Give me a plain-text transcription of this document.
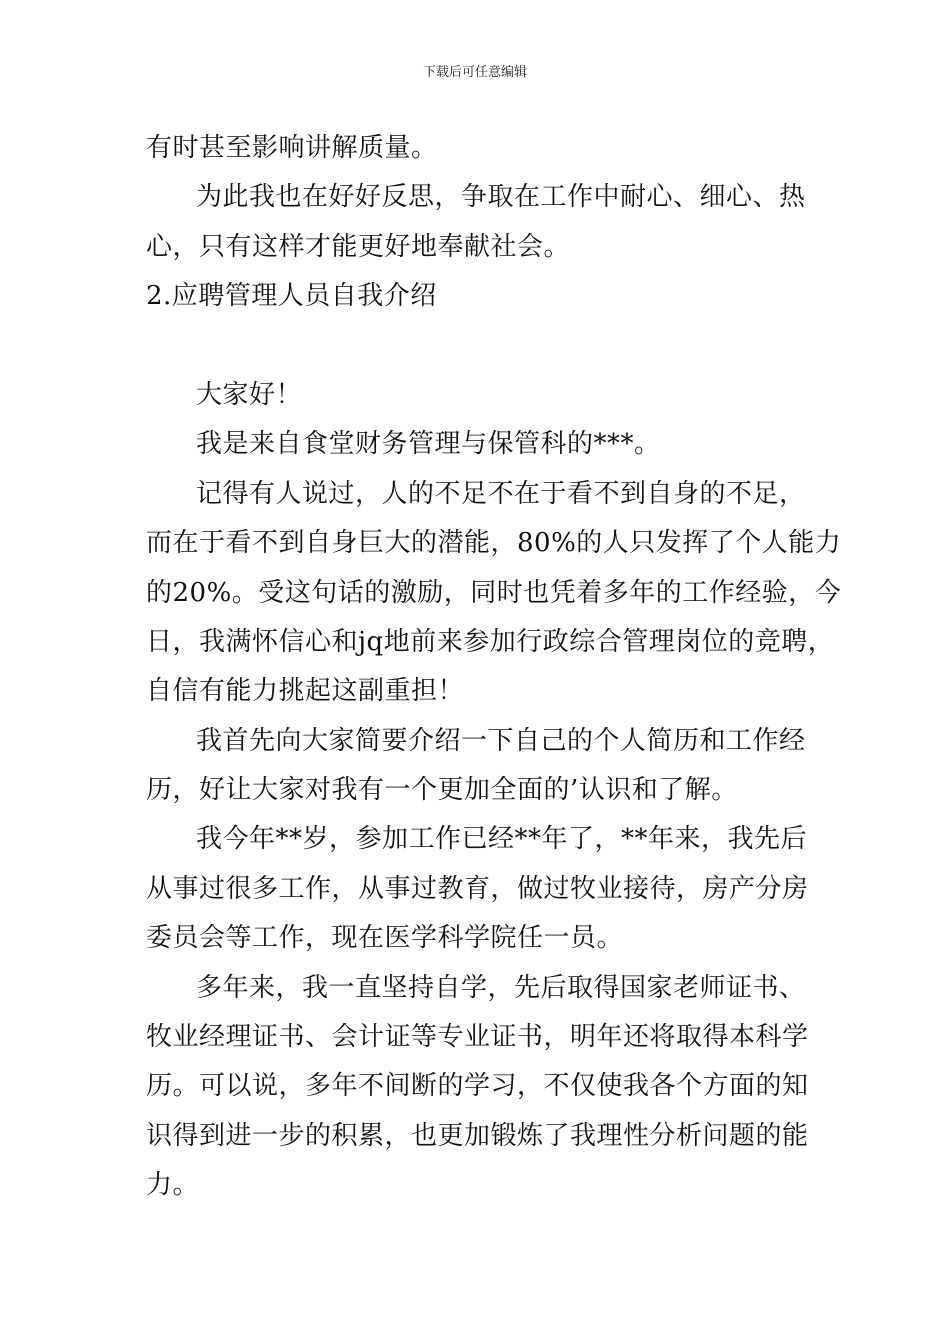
下载后可任意编辑
有时甚至影响讲解质量。
为此我也在好好反思，争取在工作中耐心、细心、热
心，只有这样才能更好地奉献社会。
2.应聘管理人员自我介绍
大家好！
我是来自食堂财务管理与保管科的***。
记得有人说过，人的不足不在于看不到自身的不足，
而在于看不到自身巨大的潜能，80%的人只发挥了个人能力
的20%。受这句话的激励，同时也凭着多年的工作经验，今
日，我满怀信心和jq地前来参加行政综合管理岗位的竞聘，
自信有能力挑起这副重担！
我首先向大家简要介绍一下自己的个人简历和工作经
历，好让大家对我有一个更加全面的’认识和了解。
我今年**岁，参加工作已经**年了，**年来，我先后
从事过很多工作，从事过教育，做过牧业接待，房产分房
委员会等工作，现在医学科学院任一员。
多年来，我一直坚持自学，先后取得国家老师证书、
牧业经理证书、会计证等专业证书，明年还将取得本科学
历。可以说，多年不间断的学习，不仅使我各个方面的知
识得到进一步的积累，也更加锻炼了我理性分析问题的能
力。
